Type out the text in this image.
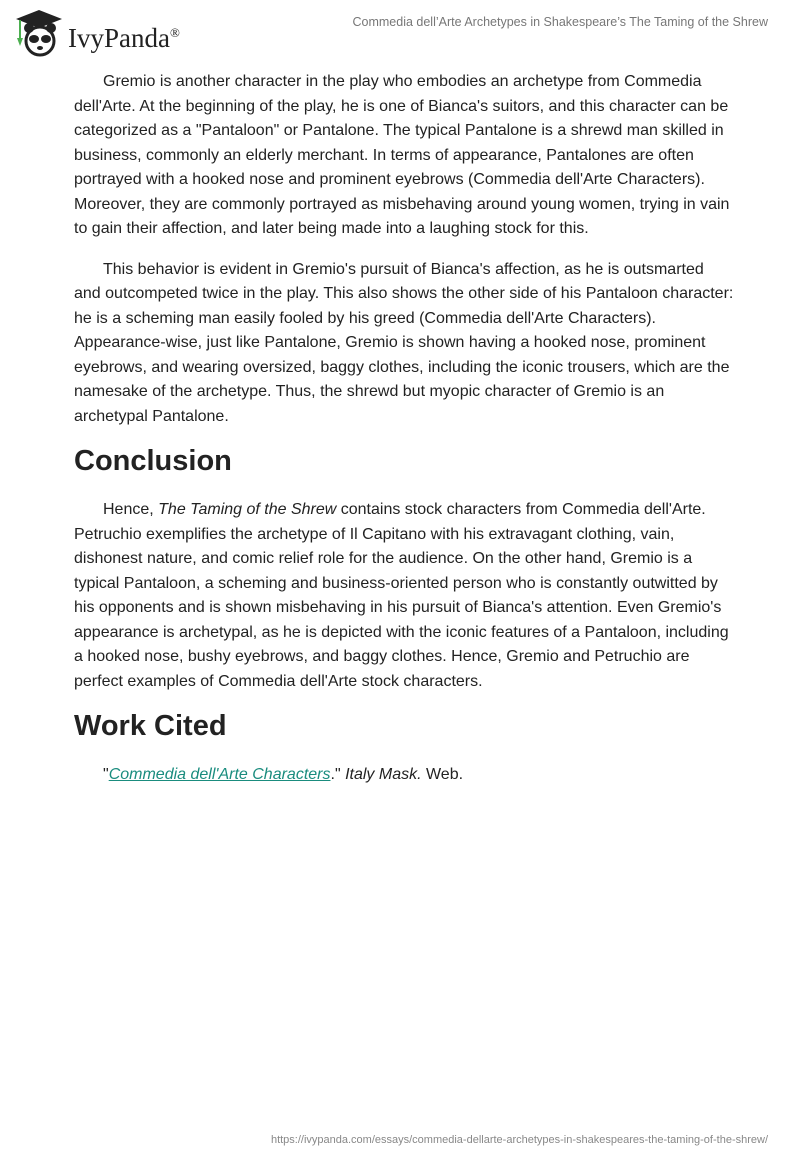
IvyPanda®
Commedia dell’Arte Archetypes in Shakespeare’s The Taming of the Shrew

Gremio is another character in the play who embodies an archetype from Commedia dell'Arte. At the beginning of the play, he is one of Bianca's suitors, and this character can be categorized as a "Pantaloon" or Pantalone. The typical Pantalone is a shrewd man skilled in business, commonly an elderly merchant. In terms of appearance, Pantalones are often portrayed with a hooked nose and prominent eyebrows (Commedia dell'Arte Characters). Moreover, they are commonly portrayed as misbehaving around young women, trying in vain to gain their affection, and later being made into a laughing stock for this.

This behavior is evident in Gremio's pursuit of Bianca's affection, as he is outsmarted and outcompeted twice in the play. This also shows the other side of his Pantaloon character: he is a scheming man easily fooled by his greed (Commedia dell'Arte Characters). Appearance-wise, just like Pantalone, Gremio is shown having a hooked nose, prominent eyebrows, and wearing oversized, baggy clothes, including the iconic trousers, which are the namesake of the archetype. Thus, the shrewd but myopic character of Gremio is an archetypal Pantalone.

Conclusion

Hence, The Taming of the Shrew contains stock characters from Commedia dell'Arte. Petruchio exemplifies the archetype of Il Capitano with his extravagant clothing, vain, dishonest nature, and comic relief role for the audience. On the other hand, Gremio is a typical Pantaloon, a scheming and business-oriented person who is constantly outwitted by his opponents and is shown misbehaving in his pursuit of Bianca's attention. Even Gremio's appearance is archetypal, as he is depicted with the iconic features of a Pantaloon, including a hooked nose, bushy eyebrows, and baggy clothes. Hence, Gremio and Petruchio are perfect examples of Commedia dell'Arte stock characters.

Work Cited
"Commedia dell'Arte Characters." Italy Mask. Web.
https://ivypanda.com/essays/commedia-dellarte-archetypes-in-shakespeares-the-taming-of-the-shrew/
